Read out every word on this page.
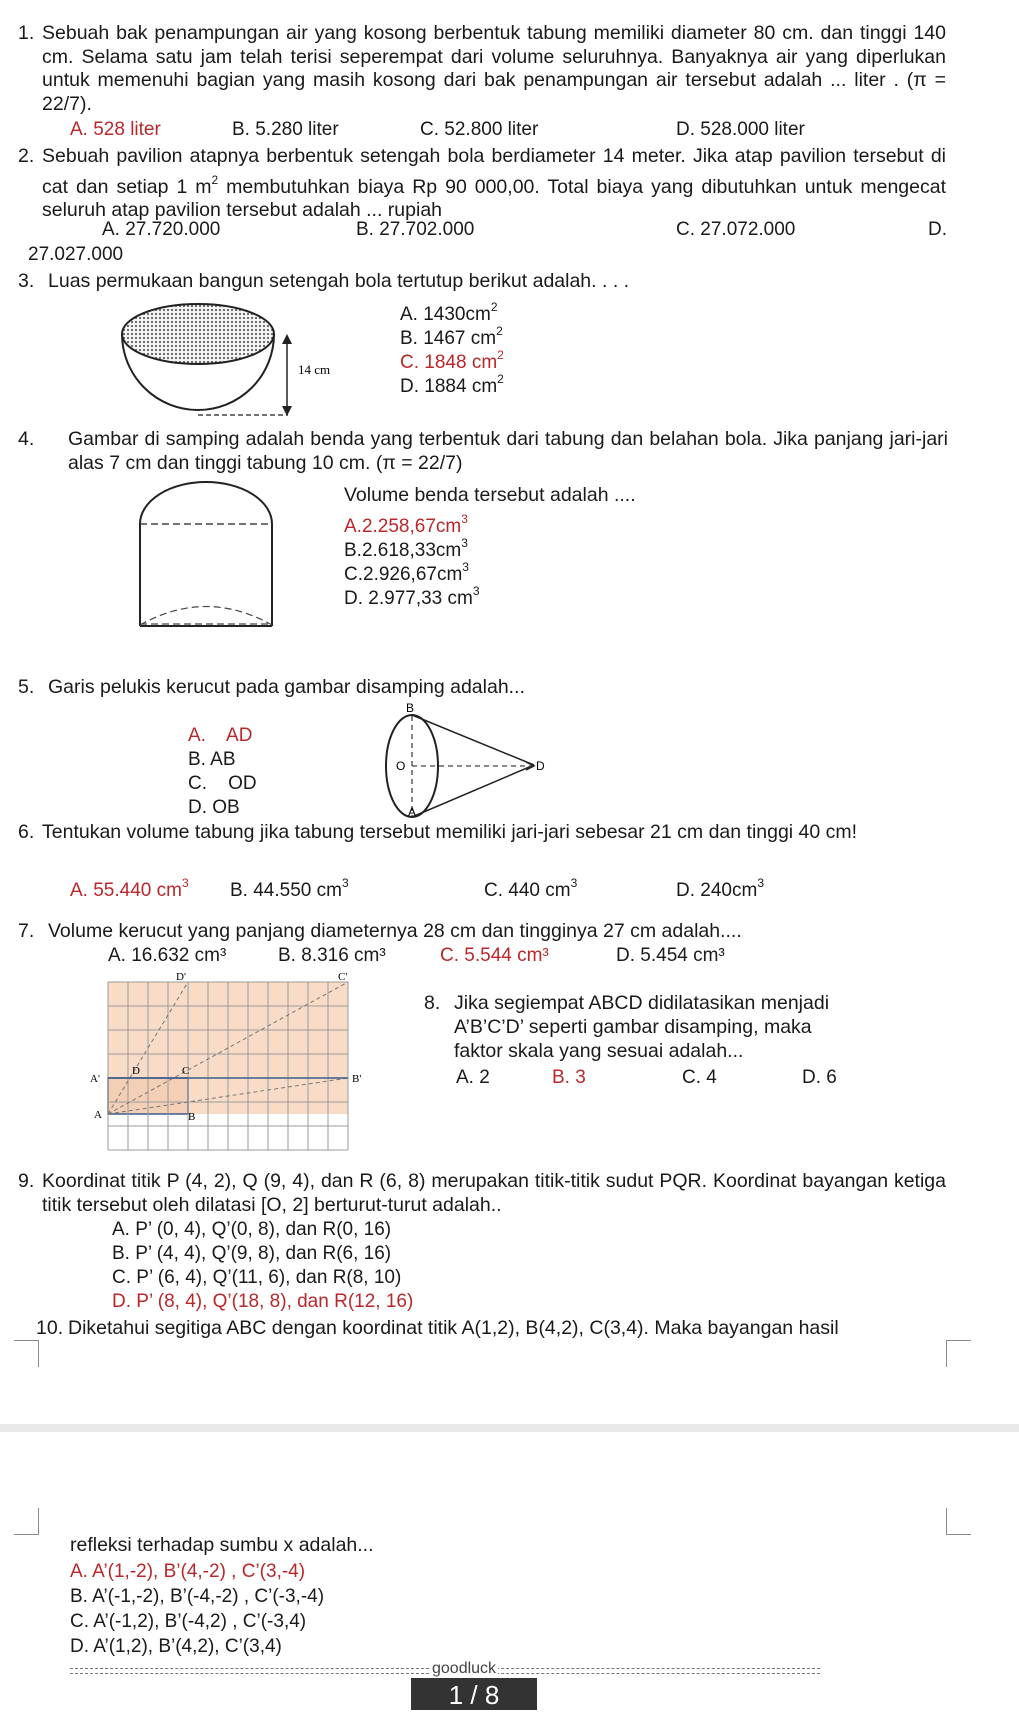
1. Sebuah bak penampungan air yang kosong berbentuk tabung memiliki diameter 80 cm. dan tinggi 140 cm. Selama satu jam telah terisi seperempat dari volume seluruhnya. Banyaknya air yang diperlukan untuk memenuhi bagian yang masih kosong dari bak penampungan air tersebut adalah ... liter . (π = 22/7).
A. 528 liter	B. 5.280 liter	C. 52.800 liter	D. 528.000 liter
2. Sebuah pavilion atapnya berbentuk setengah bola berdiameter 14 meter. Jika atap pavilion tersebut di cat dan setiap 1 $m^2$ membutuhkan biaya Rp 90 000,00. Total biaya yang dibutuhkan untuk mengecat seluruh atap pavilion tersebut adalah ... rupiah
A. 27.720.000	B. 27.702.000	C. 27.072.000	D.
27.027.000
3. Luas permukaan bangun setengah bola tertutup berikut adalah. . . .
14 cm
A. $1430cm^2$
B. 1467 $cm^2$
C. 1848 $cm^2$
D. 1884 $cm^2$
4. Gambar di samping adalah benda yang terbentuk dari tabung dan belahan bola. Jika panjang jari-jari alas 7 cm dan tinggi tabung 10 cm. (π = 22/7)
Volume benda tersebut adalah ....
$A.2.258,67cm^3$
$B.2.618,33cm^3$
$C.2.926,67cm^3$
D. 2.977,33 $cm^3$
5. Garis pelukis kerucut pada gambar disamping adalah...
A.    AD
B. AB
C.    OD
D. OB
B
O	D
A
6. Tentukan volume tabung jika tabung tersebut memiliki jari-jari sebesar 21 cm dan tinggi 40 cm!
A. 55.440 $cm^3$ B. 44.550 $cm^3$	C. 440 $cm^3$	D. $240cm^3$
7. Volume kerucut yang panjang diameternya 28 cm dan tingginya 27 cm adalah....
A. 16.632 cm³	B. 8.316 cm³	C. 5.544 cm³	D. 5.454 cm³
D'	C'
A'	B'
D	C
A	B
8. Jika segiempat ABCD didilatasikan menjadi
A’B’C’D’ seperti gambar disamping, maka
faktor skala yang sesuai adalah...
A. 2	B. 3	C. 4	D. 6
9. Koordinat titik P (4, 2), Q (9, 4), dan R (6, 8) merupakan titik-titik sudut PQR. Koordinat bayangan ketiga titik tersebut oleh dilatasi [O, 2] berturut-turut adalah..
A. P’ (0, 4), Q’(0, 8), dan R(0, 16)
B. P’ (4, 4), Q’(9, 8), dan R(6, 16)
C. P’ (6, 4), Q’(11, 6), dan R(8, 10)
D. P’ (8, 4), Q’(18, 8), dan R(12, 16)
10. Diketahui segitiga ABC dengan koordinat titik A(1,2), B(4,2), C(3,4). Maka bayangan hasil
refleksi terhadap sumbu x adalah...
A. A’(1,-2), B’(4,-2) , C’(3,-4)
B. A’(-1,-2), B’(-4,-2) , C’(-3,-4)
C. A’(-1,2), B’(-4,2) , C’(-3,4)
D. A’(1,2), B’(4,2), C’(3,4)
goodluck
1 / 8
